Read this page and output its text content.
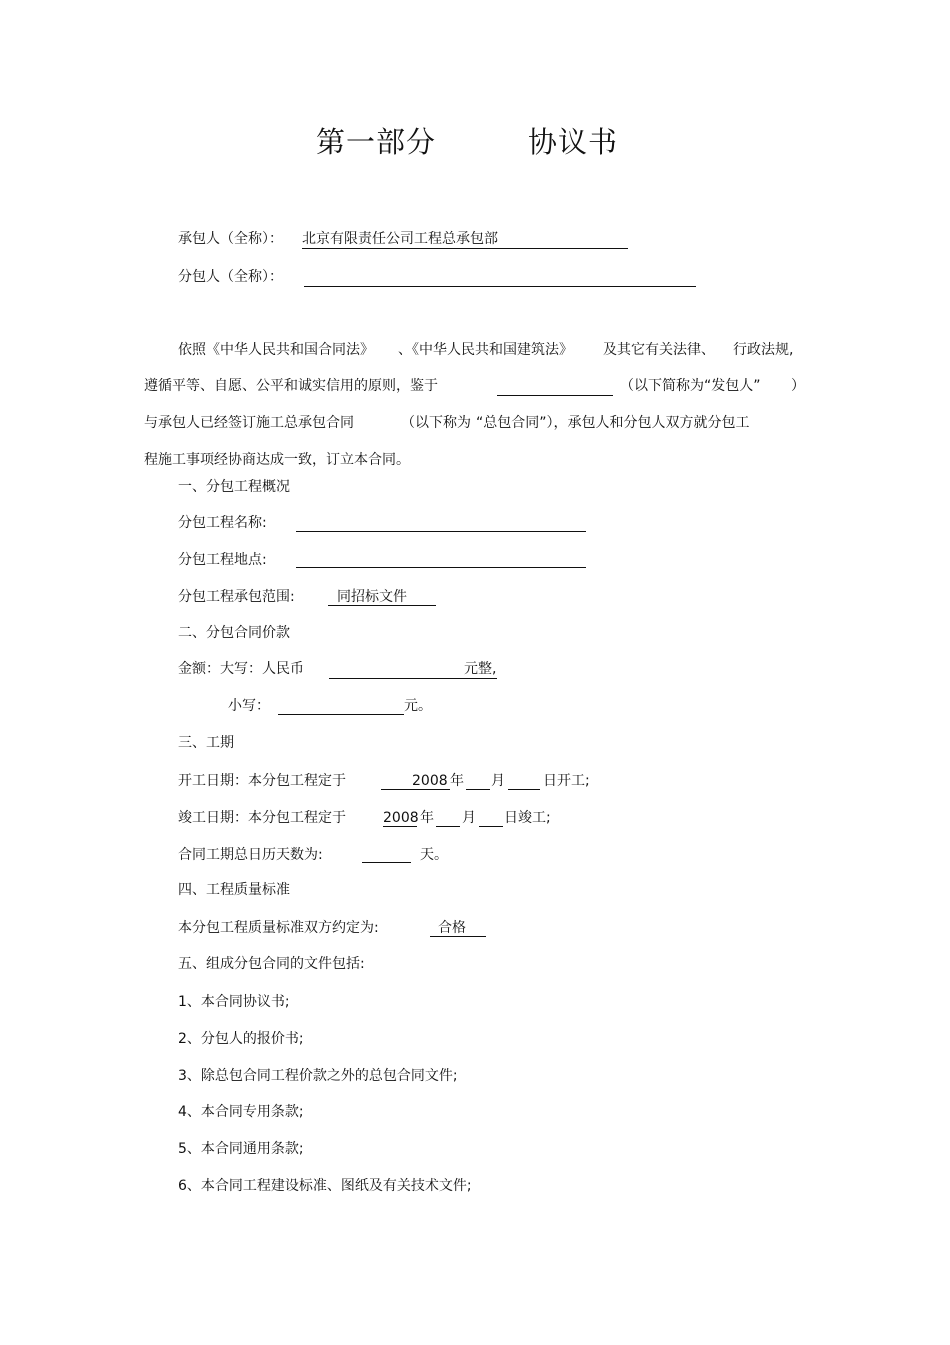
第一部分	协议书
承包人（全称）： 北京有限责任公司工程总承包部
分包人（全称）：
依照《中华人民共和国合同法》 、《中华人民共和国建筑法》 及其它有关法律、 行政法规,
遵循平等、自愿、公平和诚实信用的原则，鉴于	（以下简称为“发包人” ）
与承包人已经签订施工总承包合同	（以下称为 “总包合同”），承包人和分包人双方就分包工
程施工事项经协商达成一致，订立本合同。
一、分包工程概况
分包工程名称:
分包工程地点:
分包工程承包范围:	同招标文件
二、分包合同价款
金额：大写：人民币	元整,
小写：	元。
三、工期
开工日期：本分包工程定于	2008 年 月	日开工;
竣工日期：本分包工程定于	2008 年 月 日竣工;
合同工期总日历天数为:	天。
四、工程质量标准
本分包工程质量标准双方约定为:	合格
五、组成分包合同的文件包括:
1、本合同协议书;
2、分包人的报价书;
3、除总包合同工程价款之外的总包合同文件;
4、本合同专用条款;
5、本合同通用条款;
6、本合同工程建设标准、图纸及有关技术文件;
